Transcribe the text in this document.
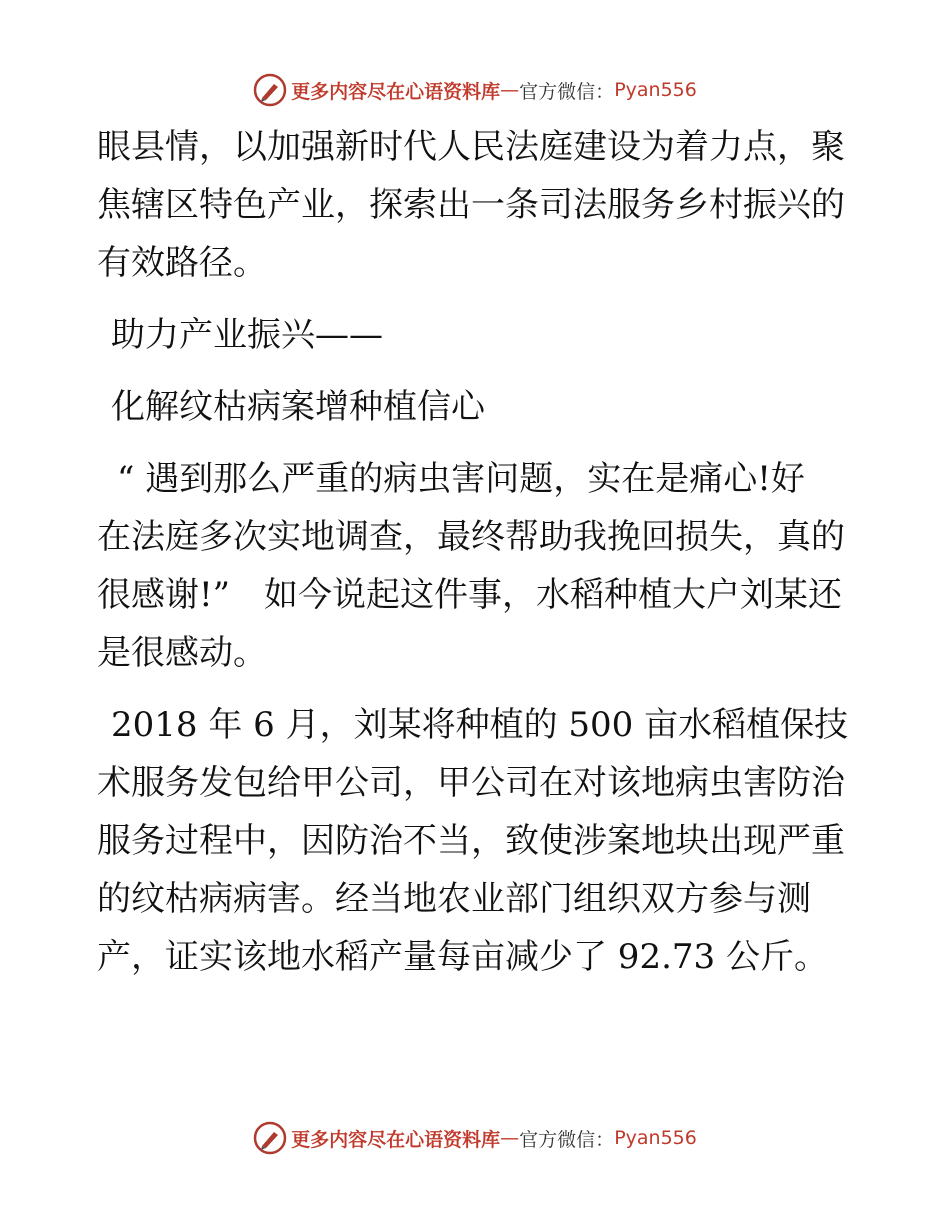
更多内容尽在心语资料库 — 官方微信： Pyan556

眼县情，以加强新时代人民法庭建设为着力点，聚

焦辖区特色产业，探索出一条司法服务乡村振兴的

有效路径。

助力产业振兴——

化解纹枯病案增种植信心

“ 遇到那么严重的病虫害问题，实在是痛心!好

在法庭多次实地调查，最终帮助我挽回损失，真的

很感谢!”　如今说起这件事，水稻种植大户刘某还

是很感动。

2018 年 6 月，刘某将种植的 500 亩水稻植保技

术服务发包给甲公司，甲公司在对该地病虫害防治

服务过程中，因防治不当，致使涉案地块出现严重

的纹枯病病害。经当地农业部门组织双方参与测

产，证实该地水稻产量每亩减少了 92.73 公斤。

更多内容尽在心语资料库 — 官方微信： Pyan556
